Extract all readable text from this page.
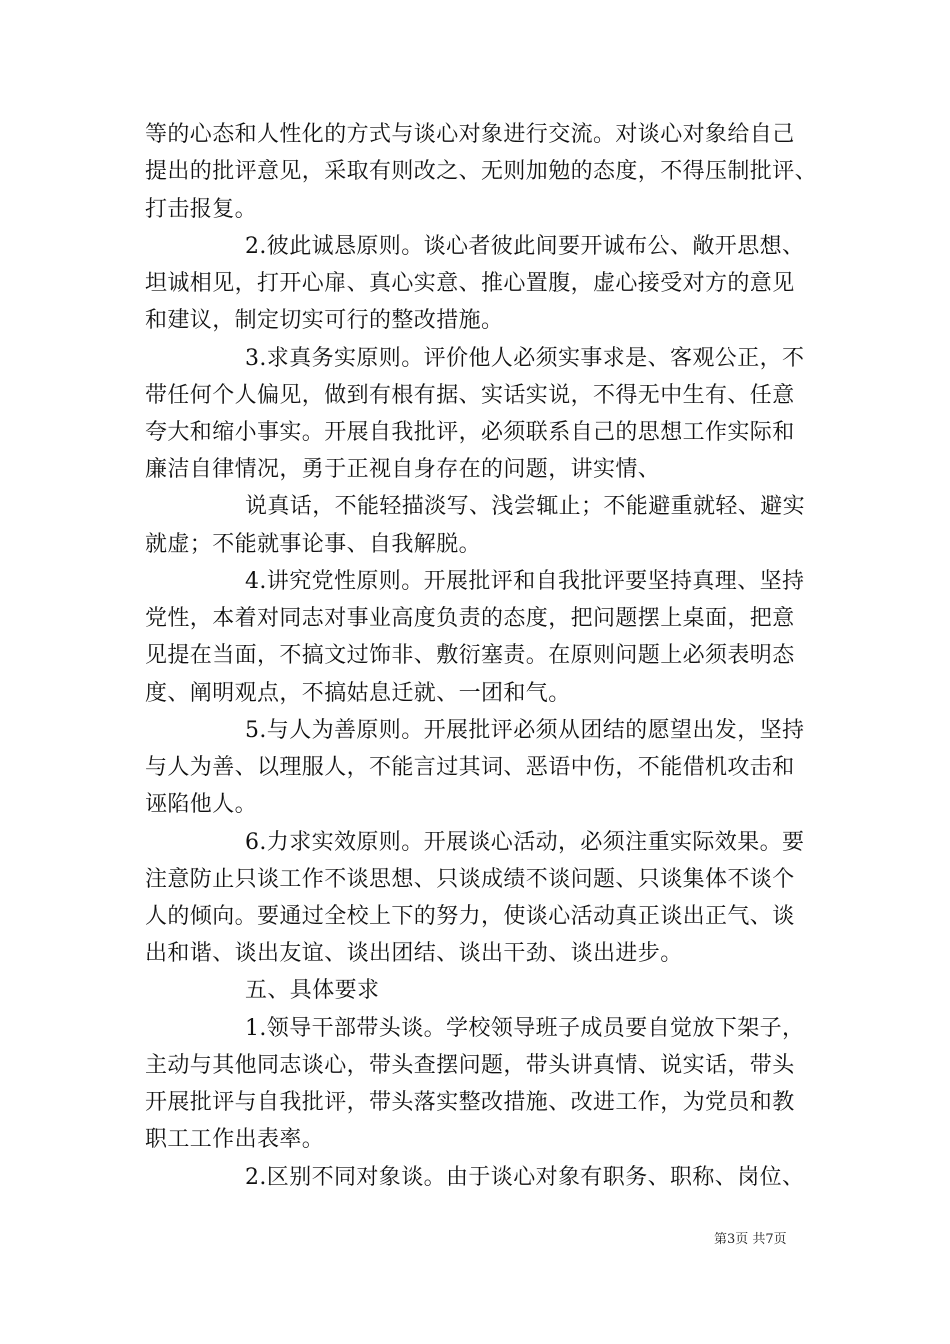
等的心态和人性化的方式与谈心对象进行交流。对谈心对象给自己
提出的批评意见，采取有则改之、无则加勉的态度，不得压制批评、
打击报复。
2.彼此诚恳原则。谈心者彼此间要开诚布公、敞开思想、
坦诚相见，打开心扉、真心实意、推心置腹，虚心接受对方的意见
和建议，制定切实可行的整改措施。
3.求真务实原则。评价他人必须实事求是、客观公正，不
带任何个人偏见，做到有根有据、实话实说，不得无中生有、任意
夸大和缩小事实。开展自我批评，必须联系自己的思想工作实际和
廉洁自律情况，勇于正视自身存在的问题，讲实情、
说真话，不能轻描淡写、浅尝辄止；不能避重就轻、避实
就虚；不能就事论事、自我解脱。
4.讲究党性原则。开展批评和自我批评要坚持真理、坚持
党性，本着对同志对事业高度负责的态度，把问题摆上桌面，把意
见提在当面，不搞文过饰非、敷衍塞责。在原则问题上必须表明态
度、阐明观点，不搞姑息迁就、一团和气。
5.与人为善原则。开展批评必须从团结的愿望出发，坚持
与人为善、以理服人，不能言过其词、恶语中伤，不能借机攻击和
诬陷他人。
6.力求实效原则。开展谈心活动，必须注重实际效果。要
注意防止只谈工作不谈思想、只谈成绩不谈问题、只谈集体不谈个
人的倾向。要通过全校上下的努力，使谈心活动真正谈出正气、谈
出和谐、谈出友谊、谈出团结、谈出干劲、谈出进步。
五、具体要求
1.领导干部带头谈。学校领导班子成员要自觉放下架子，
主动与其他同志谈心，带头查摆问题，带头讲真情、说实话，带头
开展批评与自我批评，带头落实整改措施、改进工作，为党员和教
职工工作出表率。
2.区别不同对象谈。由于谈心对象有职务、职称、岗位、
第3页 共7页
